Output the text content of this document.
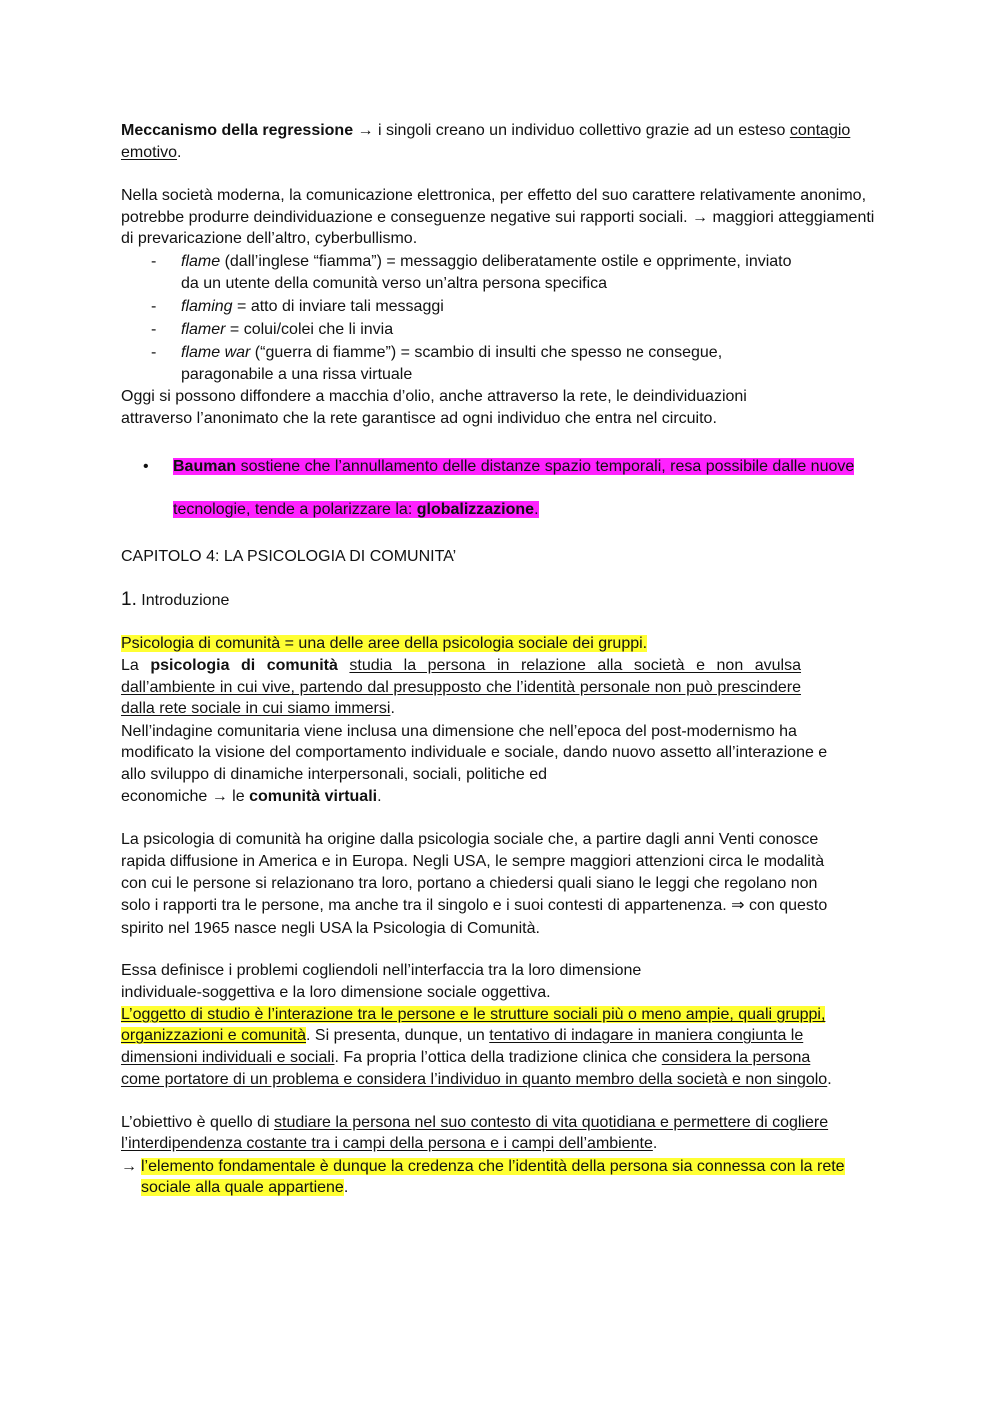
Meccanismo della regressione → i singoli creano un individuo collettivo grazie ad un esteso contagio emotivo.

Nella società moderna, la comunicazione elettronica, per effetto del suo carattere relativamente anonimo, potrebbe produrre deindividuazione e conseguenze negative sui rapporti sociali. → maggiori atteggiamenti di prevaricazione dell’altro, cyberbullismo.

- flame (dall’inglese “fiamma”) = messaggio deliberatamente ostile e opprimente, inviato

da un utente della comunità verso un’altra persona specifica

- flaming = atto di inviare tali messaggi

- flamer = colui/colei che li invia

- flame war (“guerra di fiamme”) = scambio di insulti che spesso ne consegue,

paragonabile a una rissa virtuale

Oggi si possono diffondere a macchia d’olio, anche attraverso la rete, le deindividuazioni

attraverso l’anonimato che la rete garantisce ad ogni individuo che entra nel circuito.

• Bauman sostiene che l’annullamento delle distanze spazio temporali, resa possibile dalle nuove

tecnologie, tende a polarizzare la: globalizzazione.

CAPITOLO 4: LA PSICOLOGIA DI COMUNITA’

1. Introduzione

Psicologia di comunità = una delle aree della psicologia sociale dei gruppi.

La psicologia di comunità studia la persona in relazione alla società e non avulsa dall’ambiente in cui vive, partendo dal presupposto che l’identità personale non può prescindere dalla rete sociale in cui siamo immersi.

Nell’indagine comunitaria viene inclusa una dimensione che nell’epoca del post-modernismo ha

modificato la visione del comportamento individuale e sociale, dando nuovo assetto all’interazione e

allo sviluppo di dinamiche interpersonali, sociali, politiche ed

economiche → le comunità virtuali.

La psicologia di comunità ha origine dalla psicologia sociale che, a partire dagli anni Venti conosce

rapida diffusione in America e in Europa. Negli USA, le sempre maggiori attenzioni circa le modalità

con cui le persone si relazionano tra loro, portano a chiedersi quali siano le leggi che regolano non

solo i rapporti tra le persone, ma anche tra il singolo e i suoi contesti di appartenenza. ⇒ con questo

spirito nel 1965 nasce negli USA la Psicologia di Comunità.

Essa definisce i problemi cogliendoli nell’interfaccia tra la loro dimensione

individuale-soggettiva e la loro dimensione sociale oggettiva.

L’oggetto di studio è l’interazione tra le persone e le strutture sociali più o meno ampie, quali gruppi,

organizzazioni e comunità. Si presenta, dunque, un tentativo di indagare in maniera congiunta le

dimensioni individuali e sociali. Fa propria l’ottica della tradizione clinica che considera la persona

come portatore di un problema e considera l’individuo in quanto membro della società e non singolo.

L’obiettivo è quello di studiare la persona nel suo contesto di vita quotidiana e permettere di cogliere

l’interdipendenza costante tra i campi della persona e i campi dell’ambiente.

→ l’elemento fondamentale è dunque la credenza che l’identità della persona sia connessa con la rete

sociale alla quale appartiene.
